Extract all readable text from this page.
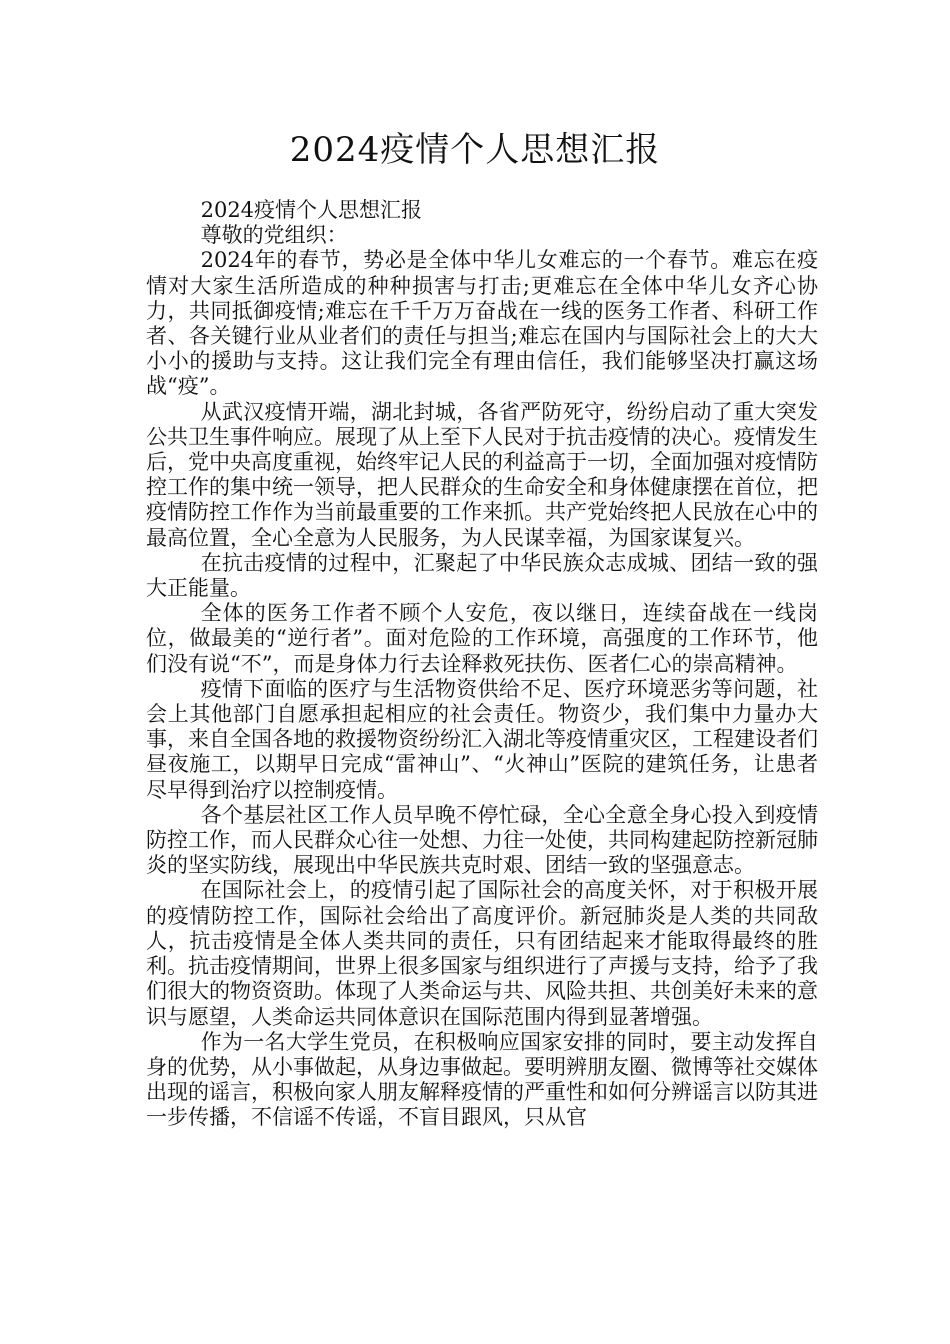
2024疫情个人思想汇报

2024疫情个人思想汇报

尊敬的党组织：

2024年的春节，势必是全体中华儿女难忘的一个春节。难忘在疫情对大家生活所造成的种种损害与打击;更难忘在全体中华儿女齐心协力，共同抵御疫情;难忘在千千万万奋战在一线的医务工作者、科研工作者、各关键行业从业者们的责任与担当;难忘在国内与国际社会上的大大小小的援助与支持。这让我们完全有理由信任，我们能够坚决打赢这场战“疫”。

从武汉疫情开端，湖北封城，各省严防死守，纷纷启动了重大突发公共卫生事件响应。展现了从上至下人民对于抗击疫情的决心。疫情发生后，党中央高度重视，始终牢记人民的利益高于一切，全面加强对疫情防控工作的集中统一领导，把人民群众的生命安全和身体健康摆在首位，把疫情防控工作作为当前最重要的工作来抓。共产党始终把人民放在心中的最高位置，全心全意为人民服务，为人民谋幸福，为国家谋复兴。

在抗击疫情的过程中，汇聚起了中华民族众志成城、团结一致的强大正能量。

全体的医务工作者不顾个人安危，夜以继日，连续奋战在一线岗位，做最美的“逆行者”。面对危险的工作环境，高强度的工作环节，他们没有说“不”，而是身体力行去诠释救死扶伤、医者仁心的崇高精神。

疫情下面临的医疗与生活物资供给不足、医疗环境恶劣等问题，社会上其他部门自愿承担起相应的社会责任。物资少，我们集中力量办大事，来自全国各地的救援物资纷纷汇入湖北等疫情重灾区，工程建设者们昼夜施工，以期早日完成“雷神山”、“火神山”医院的建筑任务，让患者尽早得到治疗以控制疫情。

各个基层社区工作人员早晚不停忙碌，全心全意全身心投入到疫情防控工作，而人民群众心往一处想、力往一处使，共同构建起防控新冠肺炎的坚实防线，展现出中华民族共克时艰、团结一致的坚强意志。

在国际社会上，的疫情引起了国际社会的高度关怀，对于积极开展的疫情防控工作，国际社会给出了高度评价。新冠肺炎是人类的共同敌人，抗击疫情是全体人类共同的责任，只有团结起来才能取得最终的胜利。抗击疫情期间，世界上很多国家与组织进行了声援与支持，给予了我们很大的物资资助。体现了人类命运与共、风险共担、共创美好未来的意识与愿望，人类命运共同体意识在国际范围内得到显著增强。

作为一名大学生党员，在积极响应国家安排的同时，要主动发挥自身的优势，从小事做起，从身边事做起。要明辨朋友圈、微博等社交媒体出现的谣言，积极向家人朋友解释疫情的严重性和如何分辨谣言以防其进一步传播，不信谣不传谣，不盲目跟风，只从官
